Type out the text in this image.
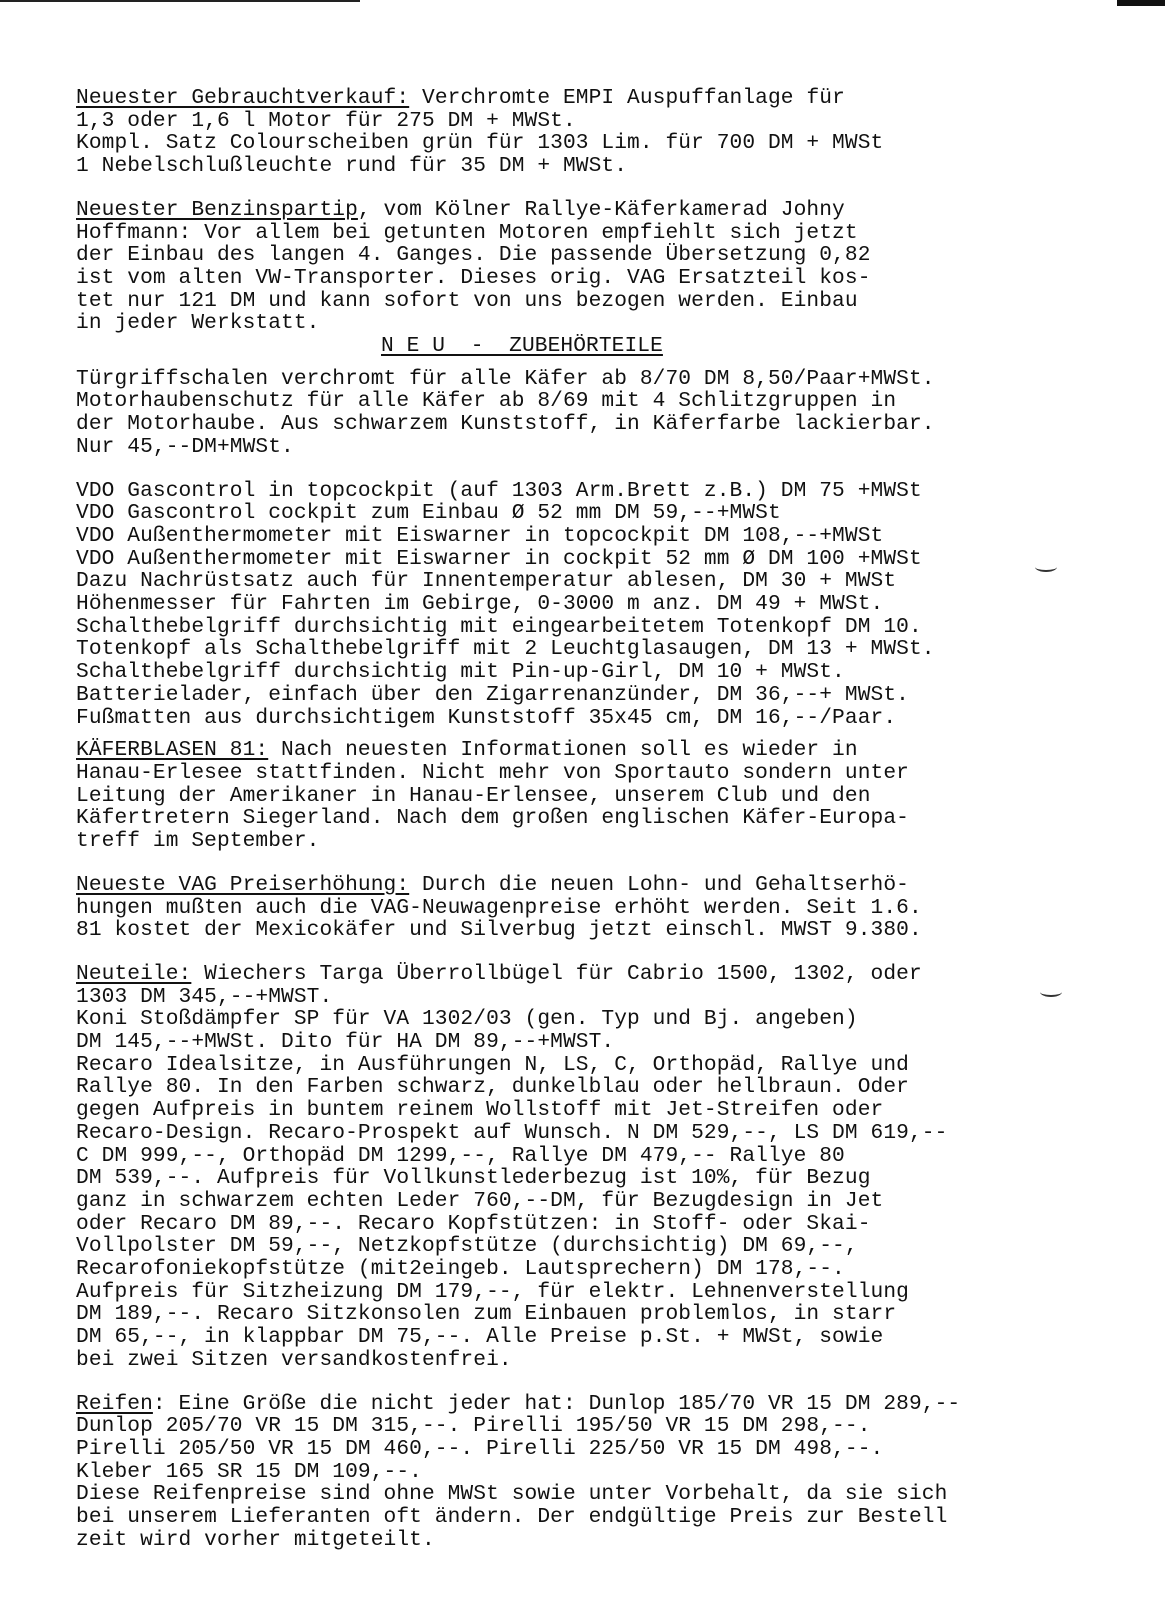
Neuester Gebrauchtverkauf: Verchromte EMPI Auspuffanlage für
1,3 oder 1,6 l Motor für 275 DM + MWSt.
Kompl. Satz Colourscheiben grün für 1303 Lim. für 700 DM + MWSt
1 Nebelschlußleuchte rund für 35 DM + MWSt.
Neuester Benzinspartip, vom Kölner Rallye-Käferkamerad Johny
Hoffmann: Vor allem bei getunten Motoren empfiehlt sich jetzt
der Einbau des langen 4. Ganges. Die passende Übersetzung 0,82
ist vom alten VW-Transporter. Dieses orig. VAG Ersatzteil kos-
tet nur 121 DM und kann sofort von uns bezogen werden. Einbau
in jeder Werkstatt.
N E U  -  ZUBEHÖRTEILE
Türgriffschalen verchromt für alle Käfer ab 8/70 DM 8,50/Paar+MWSt.
Motorhaubenschutz für alle Käfer ab 8/69 mit 4 Schlitzgruppen in
der Motorhaube. Aus schwarzem Kunststoff, in Käferfarbe lackierbar.
Nur 45,--DM+MWSt.
VDO Gascontrol in topcockpit (auf 1303 Arm.Brett z.B.) DM 75 +MWSt
VDO Gascontrol cockpit zum Einbau Ø 52 mm DM 59,--+MWSt
VDO Außenthermometer mit Eiswarner in topcockpit DM 108,--+MWSt
VDO Außenthermometer mit Eiswarner in cockpit 52 mm Ø DM 100 +MWSt
Dazu Nachrüstsatz auch für Innentemperatur ablesen, DM 30 + MWSt
Höhenmesser für Fahrten im Gebirge, 0-3000 m anz. DM 49 + MWSt.
Schalthebelgriff durchsichtig mit eingearbeitetem Totenkopf DM 10.
Totenkopf als Schalthebelgriff mit 2 Leuchtglasaugen, DM 13 + MWSt.
Schalthebelgriff durchsichtig mit Pin-up-Girl, DM 10 + MWSt.
Batterielader, einfach über den Zigarrenanzünder, DM 36,--+ MWSt.
Fußmatten aus durchsichtigem Kunststoff 35x45 cm, DM 16,--/Paar.
KÄFERBLASEN 81: Nach neuesten Informationen soll es wieder in
Hanau-Erlesee stattfinden. Nicht mehr von Sportauto sondern unter
Leitung der Amerikaner in Hanau-Erlensee, unserem Club und den
Käfertretern Siegerland. Nach dem großen englischen Käfer-Europa-
treff im September.
Neueste VAG Preiserhöhung: Durch die neuen Lohn- und Gehaltserhö-
hungen mußten auch die VAG-Neuwagenpreise erhöht werden. Seit 1.6.
81 kostet der Mexicokäfer und Silverbug jetzt einschl. MWST 9.380.
Neuteile: Wiechers Targa Überrollbügel für Cabrio 1500, 1302, oder
1303 DM 345,--+MWST.
Koni Stoßdämpfer SP für VA 1302/03 (gen. Typ und Bj. angeben)
DM 145,--+MWSt. Dito für HA DM 89,--+MWST.
Recaro Idealsitze, in Ausführungen N, LS, C, Orthopäd, Rallye und
Rallye 80. In den Farben schwarz, dunkelblau oder hellbraun. Oder
gegen Aufpreis in buntem reinem Wollstoff mit Jet-Streifen oder
Recaro-Design. Recaro-Prospekt auf Wunsch. N DM 529,--, LS DM 619,--
C DM 999,--, Orthopäd DM 1299,--, Rallye DM 479,-- Rallye 80
DM 539,--. Aufpreis für Vollkunstlederbezug ist 10%, für Bezug
ganz in schwarzem echten Leder 760,--DM, für Bezugdesign in Jet
oder Recaro DM 89,--. Recaro Kopfstützen: in Stoff- oder Skai-
Vollpolster DM 59,--, Netzkopfstütze (durchsichtig) DM 69,--,
Recarofoniekopfstütze (mit2eingeb. Lautsprechern) DM 178,--.
Aufpreis für Sitzheizung DM 179,--, für elektr. Lehnenverstellung
DM 189,--. Recaro Sitzkonsolen zum Einbauen problemlos, in starr
DM 65,--, in klappbar DM 75,--. Alle Preise p.St. + MWSt, sowie
bei zwei Sitzen versandkostenfrei.
Reifen: Eine Größe die nicht jeder hat: Dunlop 185/70 VR 15 DM 289,--
Dunlop 205/70 VR 15 DM 315,--. Pirelli 195/50 VR 15 DM 298,--.
Pirelli 205/50 VR 15 DM 460,--. Pirelli 225/50 VR 15 DM 498,--.
Kleber 165 SR 15 DM 109,--.
Diese Reifenpreise sind ohne MWSt sowie unter Vorbehalt, da sie sich
bei unserem Lieferanten oft ändern. Der endgültige Preis zur Bestell
zeit wird vorher mitgeteilt.
